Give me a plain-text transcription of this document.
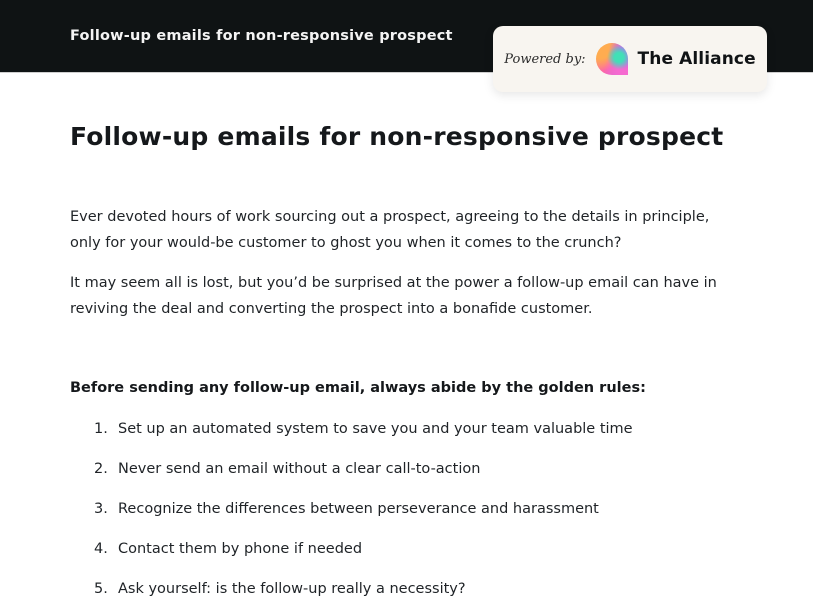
Follow-up emails for non-responsive prospect
Powered by:	The Alliance
Follow-up emails for non-responsive prospect

Ever devoted hours of work sourcing out a prospect, agreeing to the details in principle, only for your would-be customer to ghost you when it comes to the crunch?

It may seem all is lost, but you’d be surprised at the power a follow-up email can have in reviving the deal and converting the prospect into a bonafide customer.

Before sending any follow-up email, always abide by the golden rules:
Set up an automated system to save you and your team valuable time
Never send an email without a clear call-to-action
Recognize the differences between perseverance and harassment
Contact them by phone if needed
Ask yourself: is the follow-up really a necessity?
